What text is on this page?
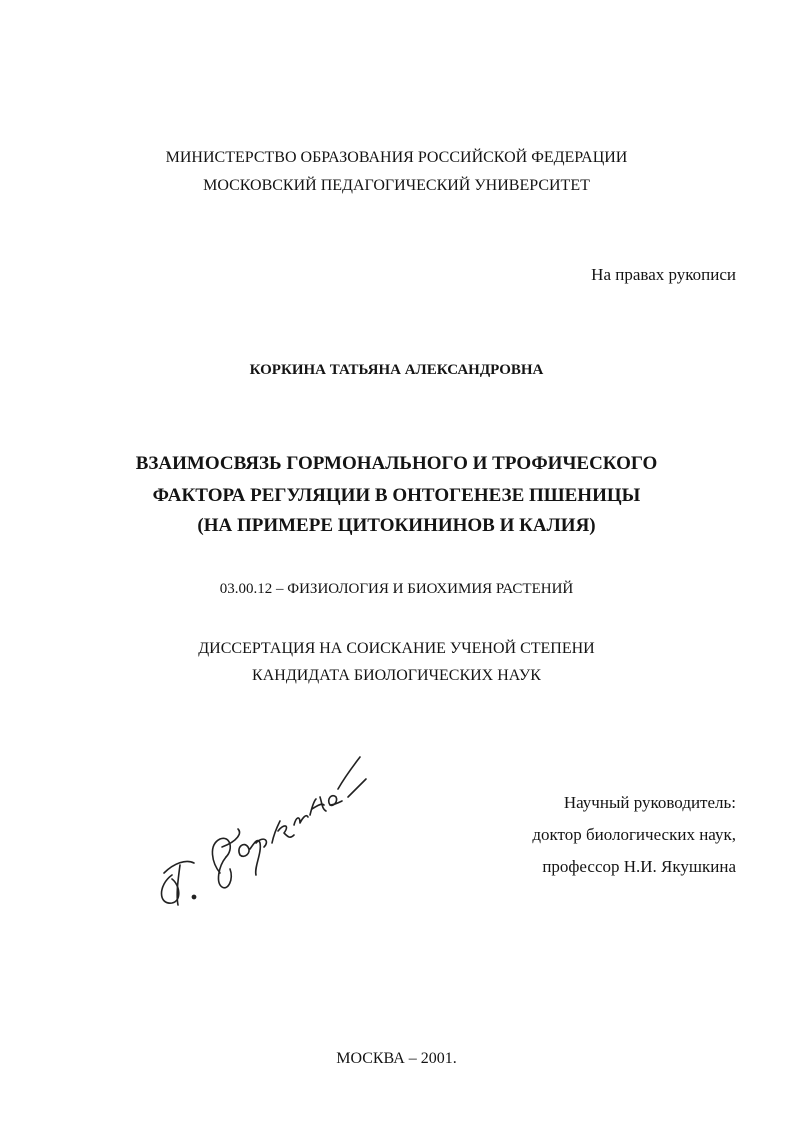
МИНИСТЕРСТВО ОБРАЗОВАНИЯ РОССИЙСКОЙ ФЕДЕРАЦИИ
МОСКОВСКИЙ ПЕДАГОГИЧЕСКИЙ УНИВЕРСИТЕТ
На правах рукописи
КОРКИНА ТАТЬЯНА АЛЕКСАНДРОВНА
ВЗАИМОСВЯЗЬ ГОРМОНАЛЬНОГО И ТРОФИЧЕСКОГО
ФАКТОРА РЕГУЛЯЦИИ В ОНТОГЕНЕЗЕ ПШЕНИЦЫ
(НА ПРИМЕРЕ ЦИТОКИНИНОВ И КАЛИЯ)
03.00.12 – ФИЗИОЛОГИЯ И БИОХИМИЯ РАСТЕНИЙ
ДИССЕРТАЦИЯ НА СОИСКАНИЕ УЧЕНОЙ СТЕПЕНИ
КАНДИДАТА БИОЛОГИЧЕСКИХ НАУК
Научный руководитель:
доктор биологических наук,
профессор Н.И. Якушкина
МОСКВА – 2001.
